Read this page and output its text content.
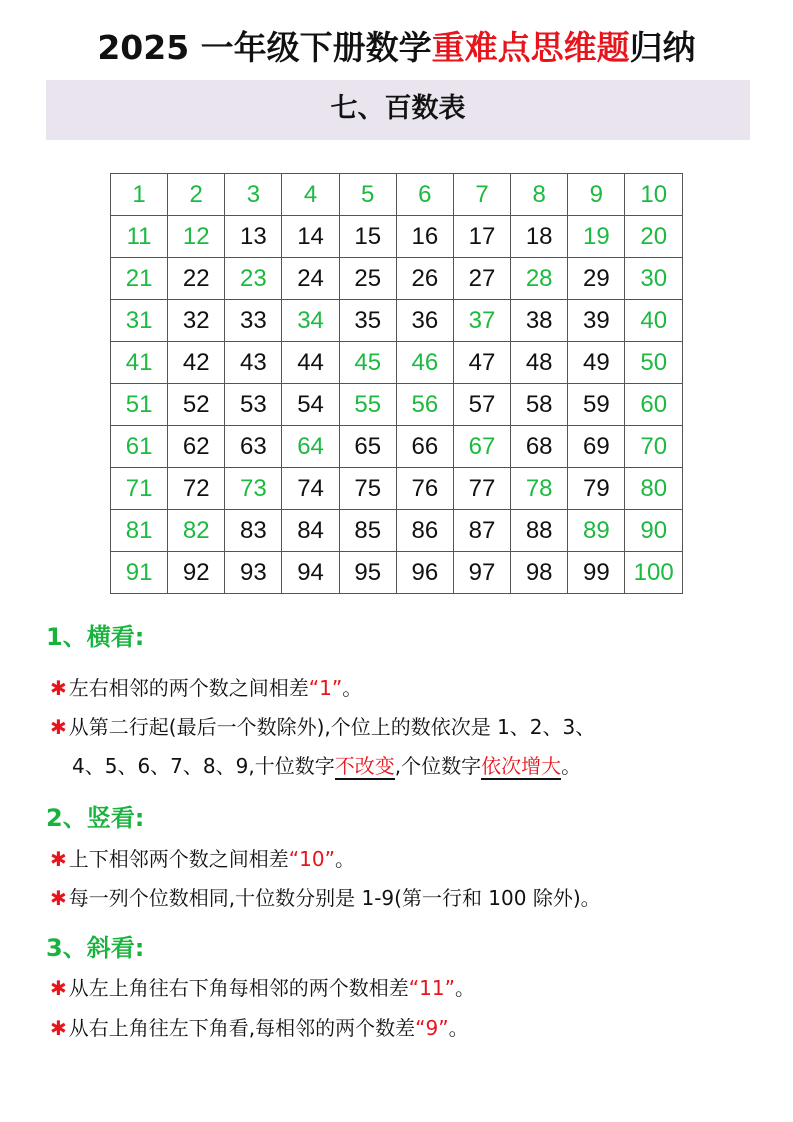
2025 一年级下册数学重难点思维题归纳
七、百数表
1	2	3	4	5	6	7	8	9	10
11	12	13	14	15	16	17	18	19	20
21	22	23	24	25	26	27	28	29	30
31	32	33	34	35	36	37	38	39	40
41	42	43	44	45	46	47	48	49	50
51	52	53	54	55	56	57	58	59	60
61	62	63	64	65	66	67	68	69	70
71	72	73	74	75	76	77	78	79	80
81	82	83	84	85	86	87	88	89	90
91	92	93	94	95	96	97	98	99	100
1、横看:
✱ 左右相邻的两个数之间相差“1”。
✱ 从第二行起(最后一个数除外),个位上的数依次是 1、2、3、
4、5、6、7、8、9,十位数字不改变,个位数字依次增大。
2、竖看:
✱ 上下相邻两个数之间相差“10”。
✱ 每一列个位数相同,十位数分别是 1-9(第一行和 100 除外)。
3、斜看:
✱ 从左上角往右下角每相邻的两个数相差“11”。
✱ 从右上角往左下角看,每相邻的两个数差“9”。
